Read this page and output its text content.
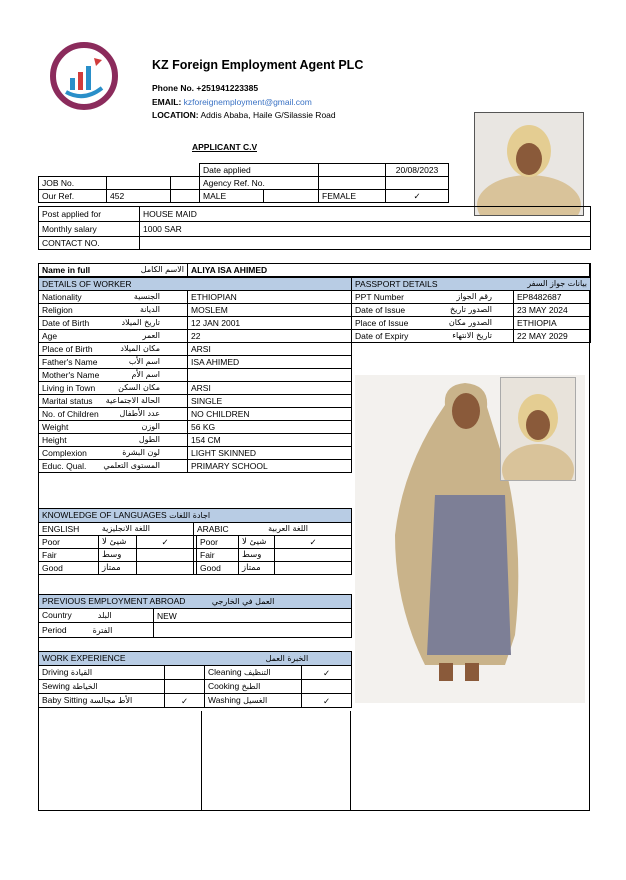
KZ Foreign Employment Agent PLC
Phone No. +251941223385
EMAIL: kzforeignemployment@gmail.com
LOCATION: Addis Ababa, Haile G/Silassie Road
APPLICANT C.V
			Date applied			20/08/2023
JOB No.			Agency Ref. No.			
Our Ref.	452		MALE		FEMALE	✓
Post applied for	HOUSE MAID
Monthly salary	1000 SAR
CONTACT NO.	
Name in full	الاسم الكامل	ALIYA ISA AHIMED
DETAILS OF WORKER	

Nationality الجنسية	ETHIOPIAN

Religion الديانة	MOSLEM

Date of Birth تاريخ الميلاد	12 JAN 2001

Age العمر	22

Place of Birth مكان الميلاد	ARSI

Father's Name اسم الأب	ISA AHIMED

Mother's Name اسم الأم	

Living in Town مكان السكن	ARSI

Marital status الحالة الاجتماعية	SINGLE

No. of Children عدد الأطفال	NO CHILDREN

Weight الوزن	56 KG

Height الطول	154 CM

Complexion لون البشرة	LIGHT SKINNED

Educ. Qual. المستوى التعلمي	PRIMARY SCHOOL
PASSPORT DETAILS بيانات جواز السفر	

PPT Number رقم الجواز	EP8482687

Date of Issue الصدور تاريخ	23 MAY 2024

Place of Issue الصدور مكان	ETHIOPIA

Date of Expiry تاريخ الانتهاء	22 MAY 2029
KNOWLEDGE OF LANGUAGES اجادة اللغات						

ENGLISH اللغة الانجليزية			ARABIC اللغة العربية			

Poor	شيئ لا	✓		Poor	شيئ لا	✓
Fair	وسط			Fair	وسط	
Good	ممتاز			Good	ممتاز	
PREVIOUS EMPLOYMENT ABROAD العمل في الخارجي	
Country البلد	NEW
Period الفترة	
WORK EXPERIENCE الخبرة العمل			
Driving القيادة		Cleaning التنظيف	✓
Sewing الخياطة		Cooking الطبخ	
Baby Sitting الأط مجالسة	✓	Washing الغسيل	✓
